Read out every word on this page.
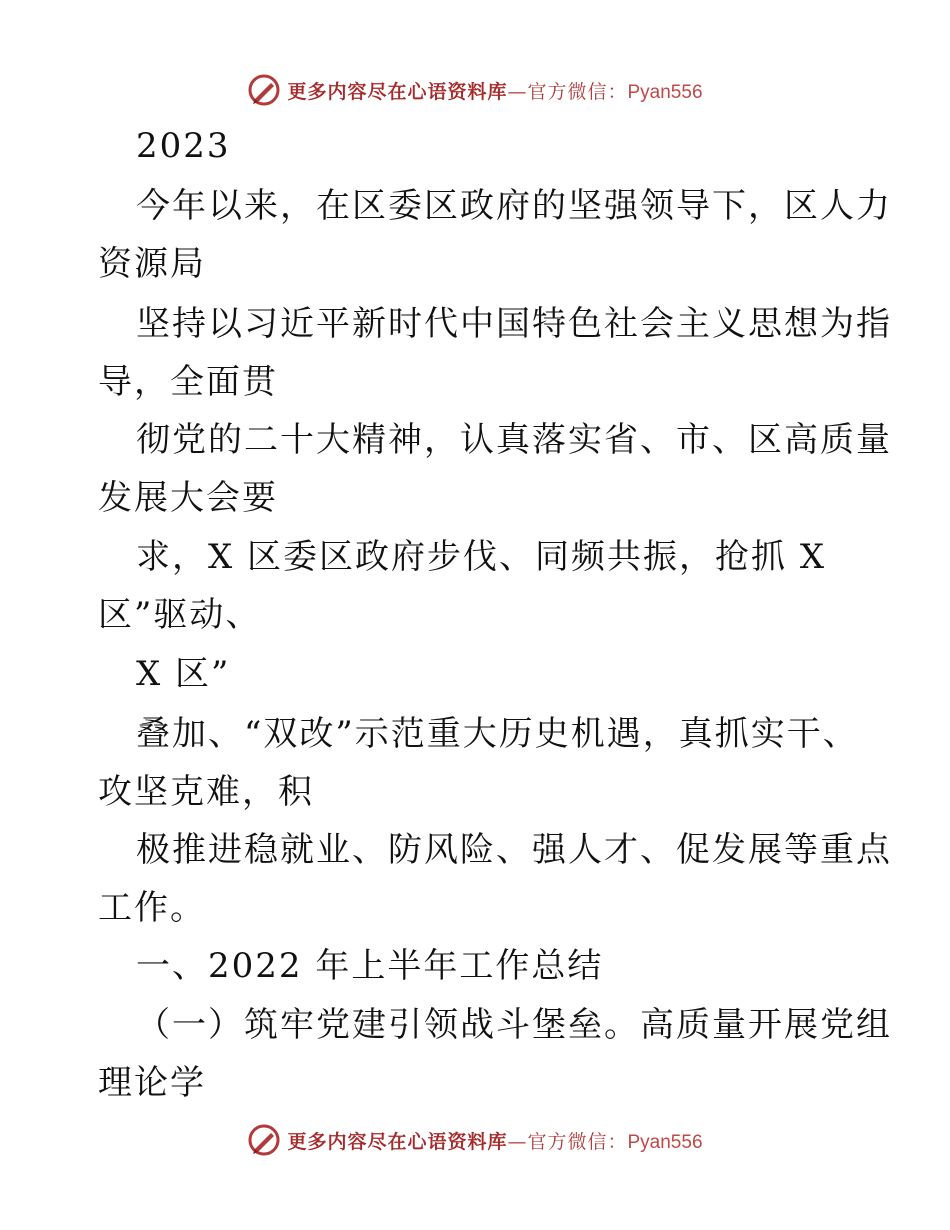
更多内容尽在心语资料库—官方微信：Pyan556
2023
今年以来，在区委区政府的坚强领导下，区人力
资源局
坚持以习近平新时代中国特色社会主义思想为指
导，全面贯
彻党的二十大精神，认真落实省、市、区高质量
发展大会要
求，X 区委区政府步伐、同频共振，抢抓 X
区”驱动、
X 区”
叠加、“双改”示范重大历史机遇，真抓实干、
攻坚克难，积
极推进稳就业、防风险、强人才、促发展等重点
工作。
一、2022 年上半年工作总结
（一）筑牢党建引领战斗堡垒。高质量开展党组
理论学
更多内容尽在心语资料库—官方微信：Pyan556
